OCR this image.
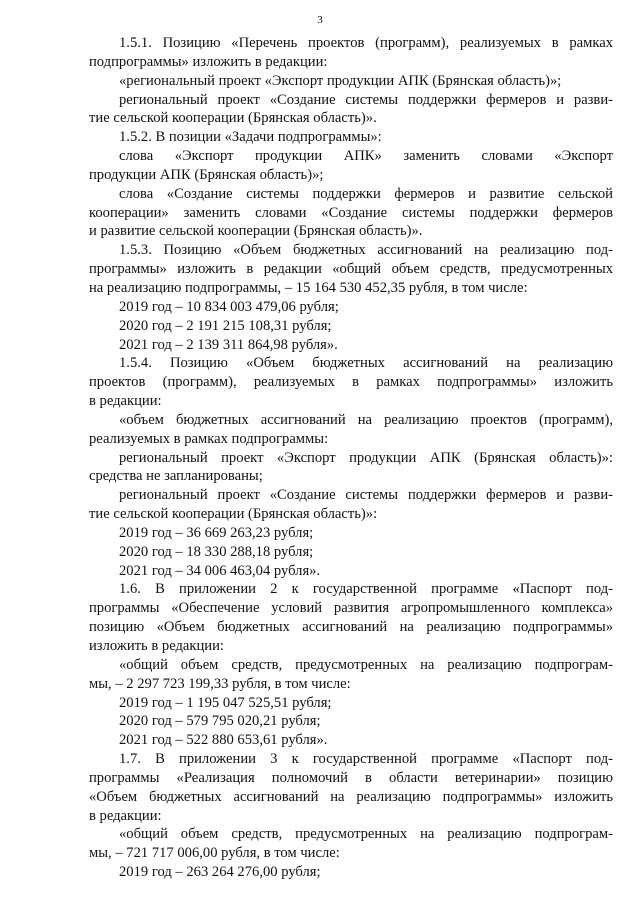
3

1.5.1. Позицию «Перечень проектов (программ), реализуемых в рамках

подпрограммы» изложить в редакции:

«региональный проект «Экспорт продукции АПК (Брянская область)»;

региональный проект «Создание системы поддержки фермеров и разви-

тие сельской кооперации (Брянская область)».

1.5.2. В позиции «Задачи подпрограммы»:

слова «Экспорт продукции АПК» заменить словами «Экспорт

продукции АПК (Брянская область)»;

слова «Создание системы поддержки фермеров и развитие сельской

кооперации» заменить словами «Создание системы поддержки фермеров

и развитие сельской кооперации (Брянская область)».

1.5.3. Позицию «Объем бюджетных ассигнований на реализацию под-

программы» изложить в редакции «общий объем средств, предусмотренных

на реализацию подпрограммы, – 15 164 530 452,35 рубля, в том числе:

2019 год – 10 834 003 479,06 рубля;

2020 год – 2 191 215 108,31 рубля;

2021 год – 2 139 311 864,98 рубля».

1.5.4. Позицию «Объем бюджетных ассигнований на реализацию

проектов (программ), реализуемых в рамках подпрограммы» изложить

в редакции:

«объем бюджетных ассигнований на реализацию проектов (программ),

реализуемых в рамках подпрограммы:

региональный проект «Экспорт продукции АПК (Брянская область)»:

средства не запланированы;

региональный проект «Создание системы поддержки фермеров и разви-

тие сельской кооперации (Брянская область)»:

2019 год – 36 669 263,23 рубля;

2020 год – 18 330 288,18 рубля;

2021 год – 34 006 463,04 рубля».

1.6. В приложении 2 к государственной программе «Паспорт под-

программы «Обеспечение условий развития агропромышленного комплекса»

позицию «Объем бюджетных ассигнований на реализацию подпрограммы»

изложить в редакции:

«общий объем средств, предусмотренных на реализацию подпрограм-

мы, – 2 297 723 199,33 рубля, в том числе:

2019 год – 1 195 047 525,51 рубля;

2020 год – 579 795 020,21 рубля;

2021 год – 522 880 653,61 рубля».

1.7. В приложении 3 к государственной программе «Паспорт под-

программы «Реализация полномочий в области ветеринарии» позицию

«Объем бюджетных ассигнований на реализацию подпрограммы» изложить

в редакции:

«общий объем средств, предусмотренных на реализацию подпрограм-

мы, – 721 717 006,00 рубля, в том числе:

2019 год – 263 264 276,00 рубля;
